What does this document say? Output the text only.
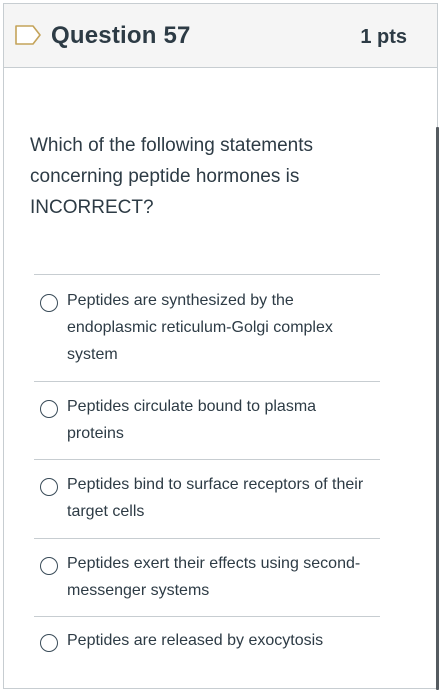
Question 57	1 pts
Which of the following statements concerning peptide hormones is INCORRECT?
Peptides are synthesized by the endoplasmic reticulum-Golgi complex system
Peptides circulate bound to plasma proteins
Peptides bind to surface receptors of their target cells
Peptides exert their effects using second-messenger systems
Peptides are released by exocytosis
